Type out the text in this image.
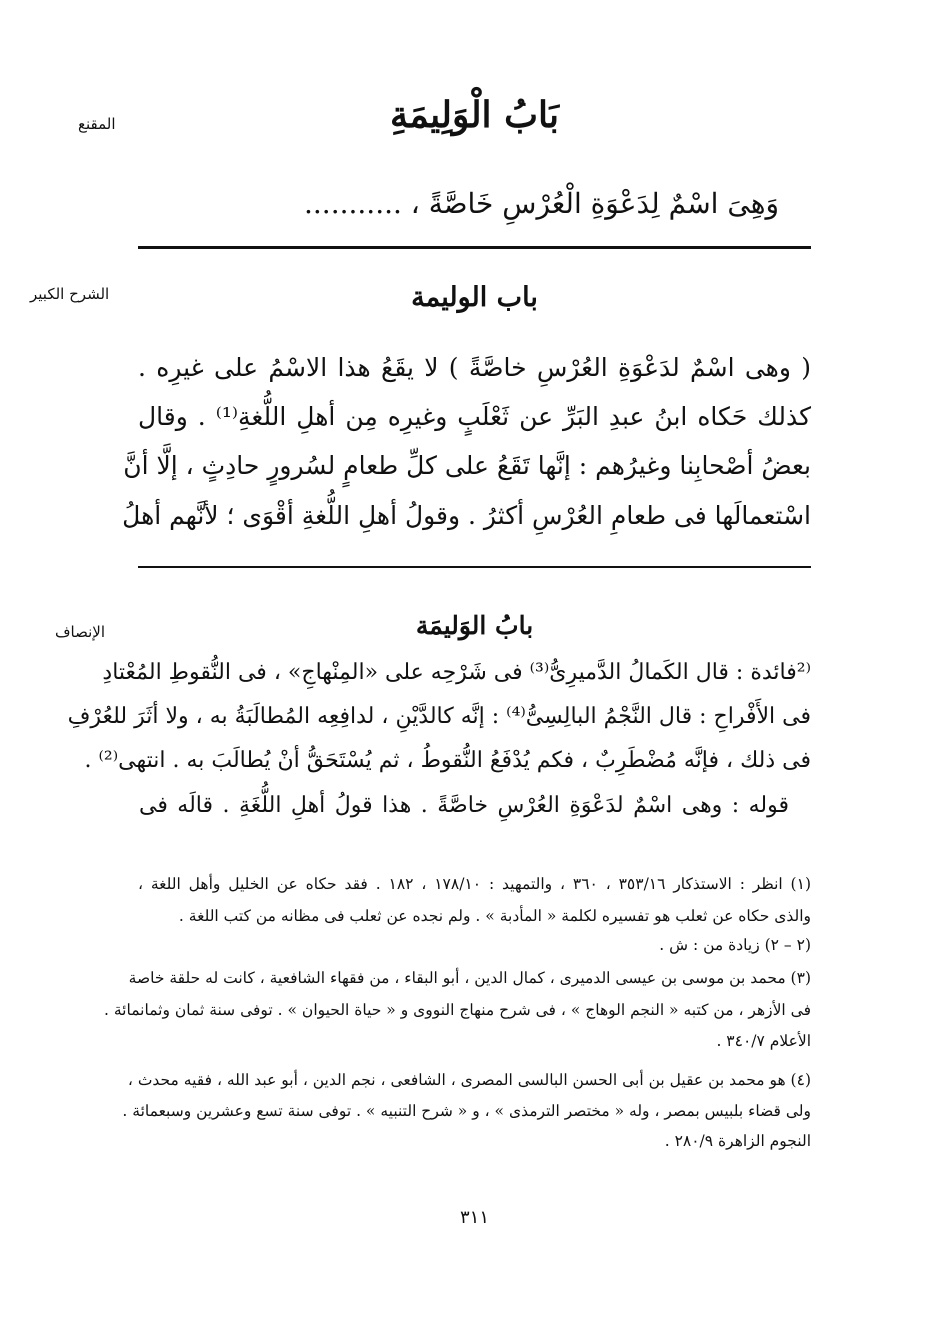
المقنع
الشرح الكبير
الإنصاف
بَابُ الْوَلِيمَةِ
وَهِىَ اسْمٌ لِدَعْوَةِ الْعُرْسِ خَاصَّةً ، ...........
باب الوليمة
( وهى اسْمٌ لدَعْوَةِ العُرْسِ خاصَّةً ) لا يقَعُ هذا الاسْمُ على غيرِه .
كذلك حَكاه ابنُ عبدِ البَرِّ عن ثَعْلَبٍ وغيرِه مِن أهلِ اللُّغةِ⁽¹⁾ . وقال
بعضُ أصْحابِنا وغيرُهم : إنَّها تَقَعُ على كلِّ طعامٍ لسُرورٍ حادِثٍ ، إلَّا أنَّ
اسْتعمالَها فى طعامِ العُرْسِ أكثرُ . وقولُ أهلِ اللُّغةِ أقْوَى ؛ لأنَّهم أهلُ
بابُ الوَليمَة
⁽²فائدة : قال الكَمالُ الدَّميرِىُّ⁽³⁾ فى شَرْحِه على «المِنْهاجِ» ، فى النُّقوطِ المُعْتادِ
فى الأَفْراحِ : قال النَّجْمُ البالِسِىُّ⁽⁴⁾ : إنَّه كالدَّيْنِ ، لدافِعِه المُطالَبَةُ به ، ولا أثَرَ للعُرْفِ
فى ذلك ، فإنَّه مُضْطَرِبٌ ، فكم يُدْفَعُ النُّقوطُ ، ثم يُسْتَحَقُّ أنْ يُطالَبَ به . انتهى⁽²⁾ .
قوله : وهى اسْمٌ لدَعْوَةِ العُرْسِ خاصَّةً . هذا قولُ أهلِ اللُّغَةِ . قالَه فى
(١) انظر : الاستذكار ٣٥٣/١٦ ، ٣٦٠ ، والتمهيد : ١٧٨/١٠ ، ١٨٢ . فقد حكاه عن الخليل وأهل اللغة ،
والذى حكاه عن ثعلب هو تفسيره لكلمة « المأدبة » . ولم نجده عن ثعلب فى مظانه من كتب اللغة .
(٢ – ٢) زيادة من : ش .
(٣) محمد بن موسى بن عيسى الدميرى ، كمال الدين ، أبو البقاء ، من فقهاء الشافعية ، كانت له حلقة خاصة
فى الأزهر ، من كتبه « النجم الوهاج » ، فى شرح منهاج النووى و « حياة الحيوان » . توفى سنة ثمان وثمانمائة .
الأعلام ٣٤٠/٧ .
(٤) هو محمد بن عقيل بن أبى الحسن البالسى المصرى ، الشافعى ، نجم الدين ، أبو عبد الله ، فقيه محدث ،
ولى قضاء بلبيس بمصر ، وله « مختصر الترمذى » ، و « شرح التنبيه » . توفى سنة تسع وعشرين وسبعمائة .
النجوم الزاهرة ٢٨٠/٩ .
٣١١
